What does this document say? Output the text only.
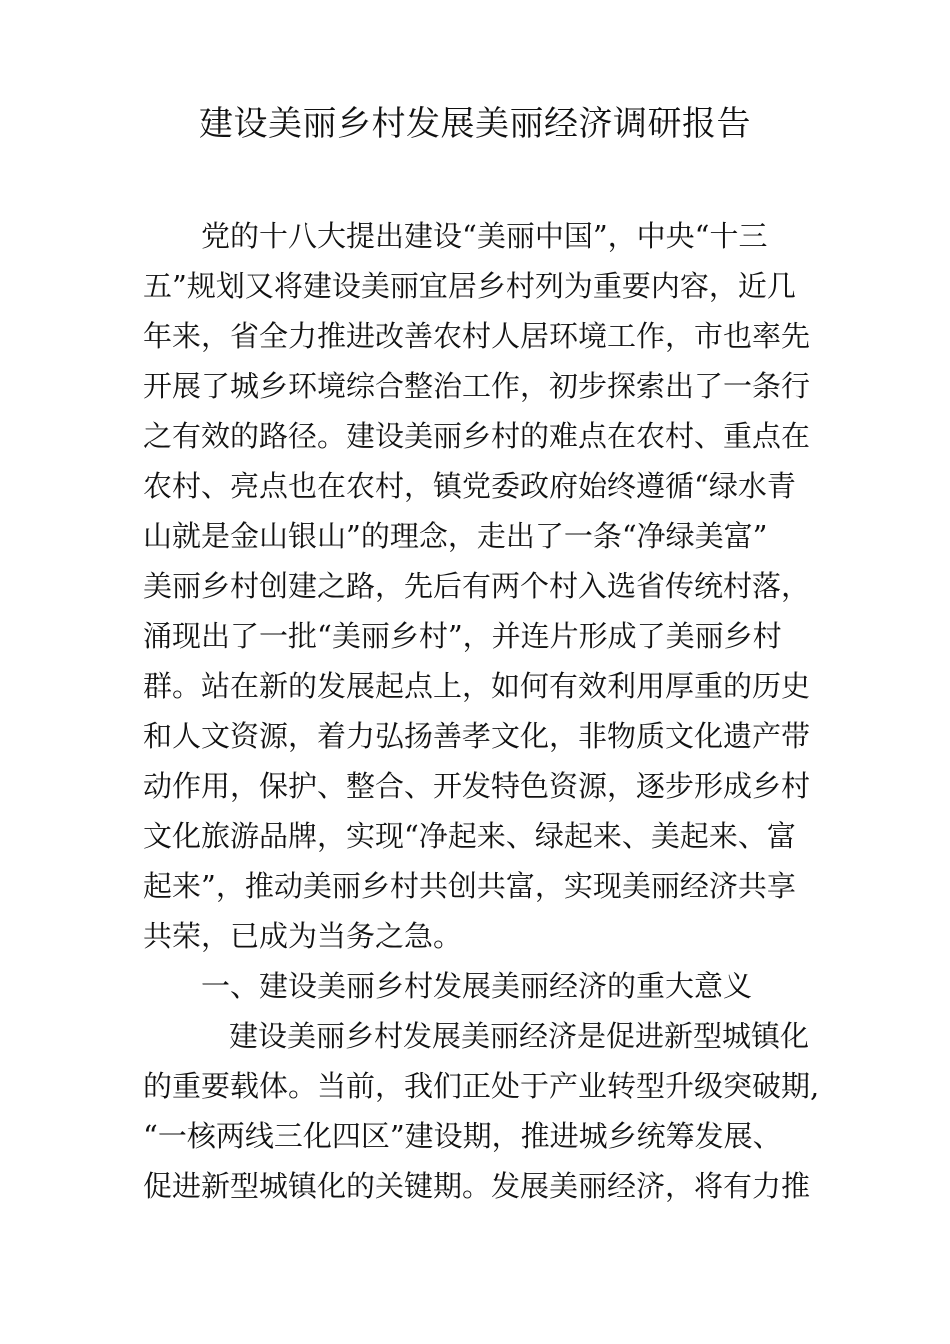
建设美丽乡村发展美丽经济调研报告
党的十八大提出建设“美丽中国”，中央“十三
五”规划又将建设美丽宜居乡村列为重要内容，近几
年来，省全力推进改善农村人居环境工作，市也率先
开展了城乡环境综合整治工作，初步探索出了一条行
之有效的路径。建设美丽乡村的难点在农村、重点在
农村、亮点也在农村，镇党委政府始终遵循“绿水青
山就是金山银山”的理念，走出了一条“净绿美富”
美丽乡村创建之路，先后有两个村入选省传统村落，
涌现出了一批“美丽乡村”，并连片形成了美丽乡村
群。站在新的发展起点上，如何有效利用厚重的历史
和人文资源，着力弘扬善孝文化，非物质文化遗产带
动作用，保护、整合、开发特色资源，逐步形成乡村
文化旅游品牌，实现“净起来、绿起来、美起来、富
起来”，推动美丽乡村共创共富，实现美丽经济共享
共荣，已成为当务之急。
一、建设美丽乡村发展美丽经济的重大意义
建设美丽乡村发展美丽经济是促进新型城镇化
的重要载体。当前，我们正处于产业转型升级突破期,
“一核两线三化四区”建设期，推进城乡统筹发展、
促进新型城镇化的关键期。发展美丽经济，将有力推
